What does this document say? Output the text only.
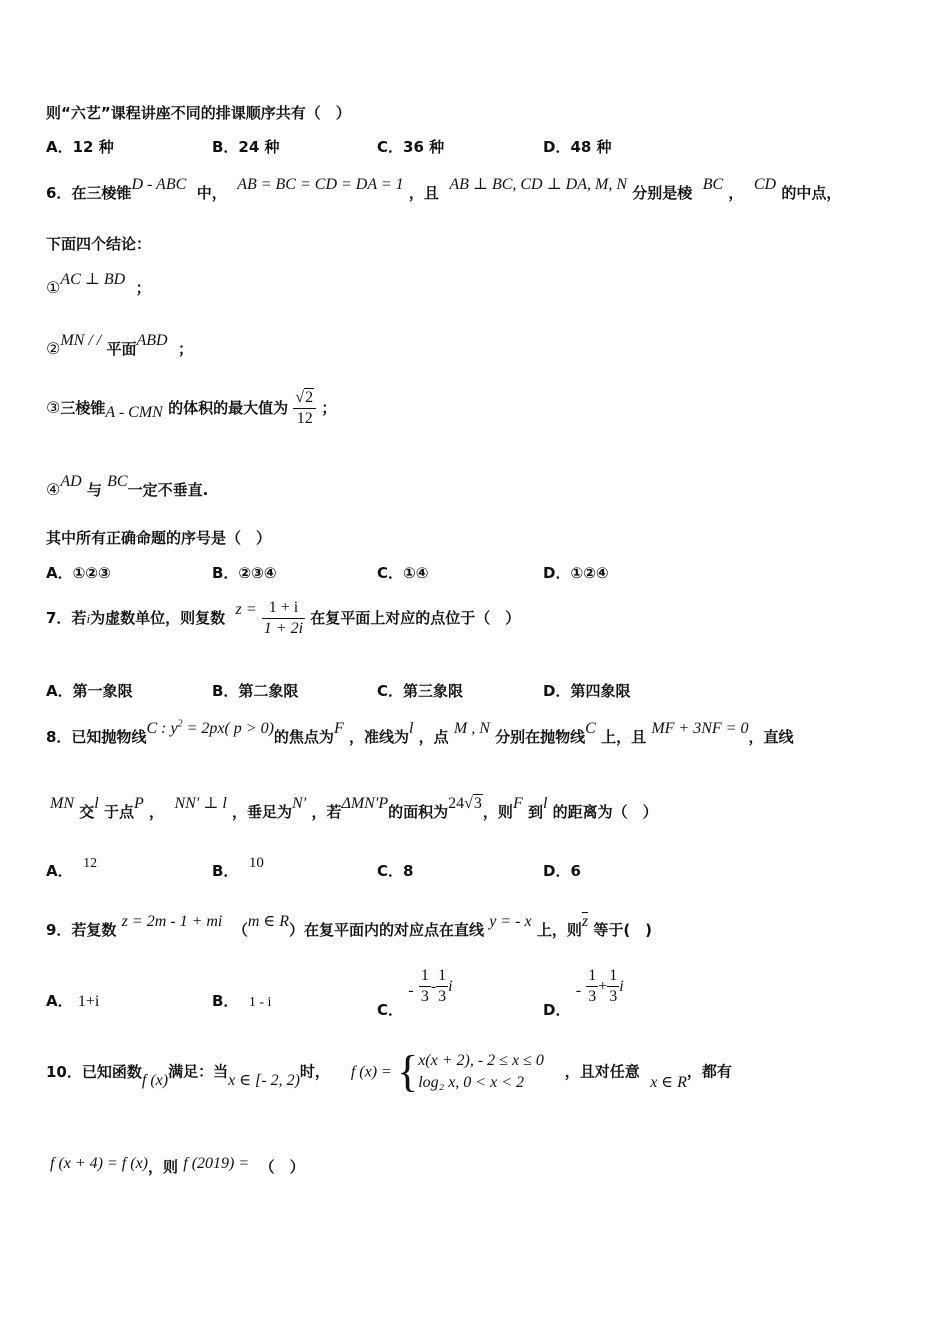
则“六艺”课程讲座不同的排课顺序共有（　）
A．12 种	B．24 种	C．36 种	D．48 种
6．在三棱锥D - ABC 中， AB = BC = CD = DA = 1 ，且 AB ⊥ BC, CD ⊥ DA, M, N 分别是棱 BC ， CD 的中点，
下面四个结论：
①AC ⊥ BD ；
②MN / / 平面ABD ；
③三棱锥A - CMN 的体积的最大值为 $\frac{√2}{12}$ ；
④AD 与 BC一定不垂直.
其中所有正确命题的序号是（　）
A．①②③	B．②③④	C．①④	D．①②④
7．若i为虚数单位，则复数 $z = \frac{1 + i}{1 + 2i}$ 在复平面上对应的点位于（　）
A．第一象限	B．第二象限	C．第三象限	D．第四象限
8．已知抛物线C : $y^2 = 2px$( p > 0)的焦点为F ，准线为l ，点 M , N 分别在抛物线C 上，且 MF + 3NF = 0，直线
MN 交l 于点P ， NN′ ⊥ l ，垂足为N′ ，若ΔMN′P的面积为24√3，则F 到l 的距离为（　）
A． 12	B． 10	C．8	D．6
9．若复数 z = 2m - 1 + mi （m ∈ R）在复平面内的对应点在直线 y = - x 上，则$\overline{z}$ 等于(　)
A． 1+i	B． 1 - i	C． - $\frac{1}{3} - \frac{1}{3}$ i
D． - $\frac{1}{3} + \frac{1}{3}$ i
10．已知函数f (x)满足：当x ∈ [- 2, 2)时， f (x) = { x(x + 2), - 2 ≤ x ≤ 0
log₂ x, 0 < x < 2
，且对任意  x ∈ R，都有
f (x + 4) = f (x)，则 f (2019) = （　）
